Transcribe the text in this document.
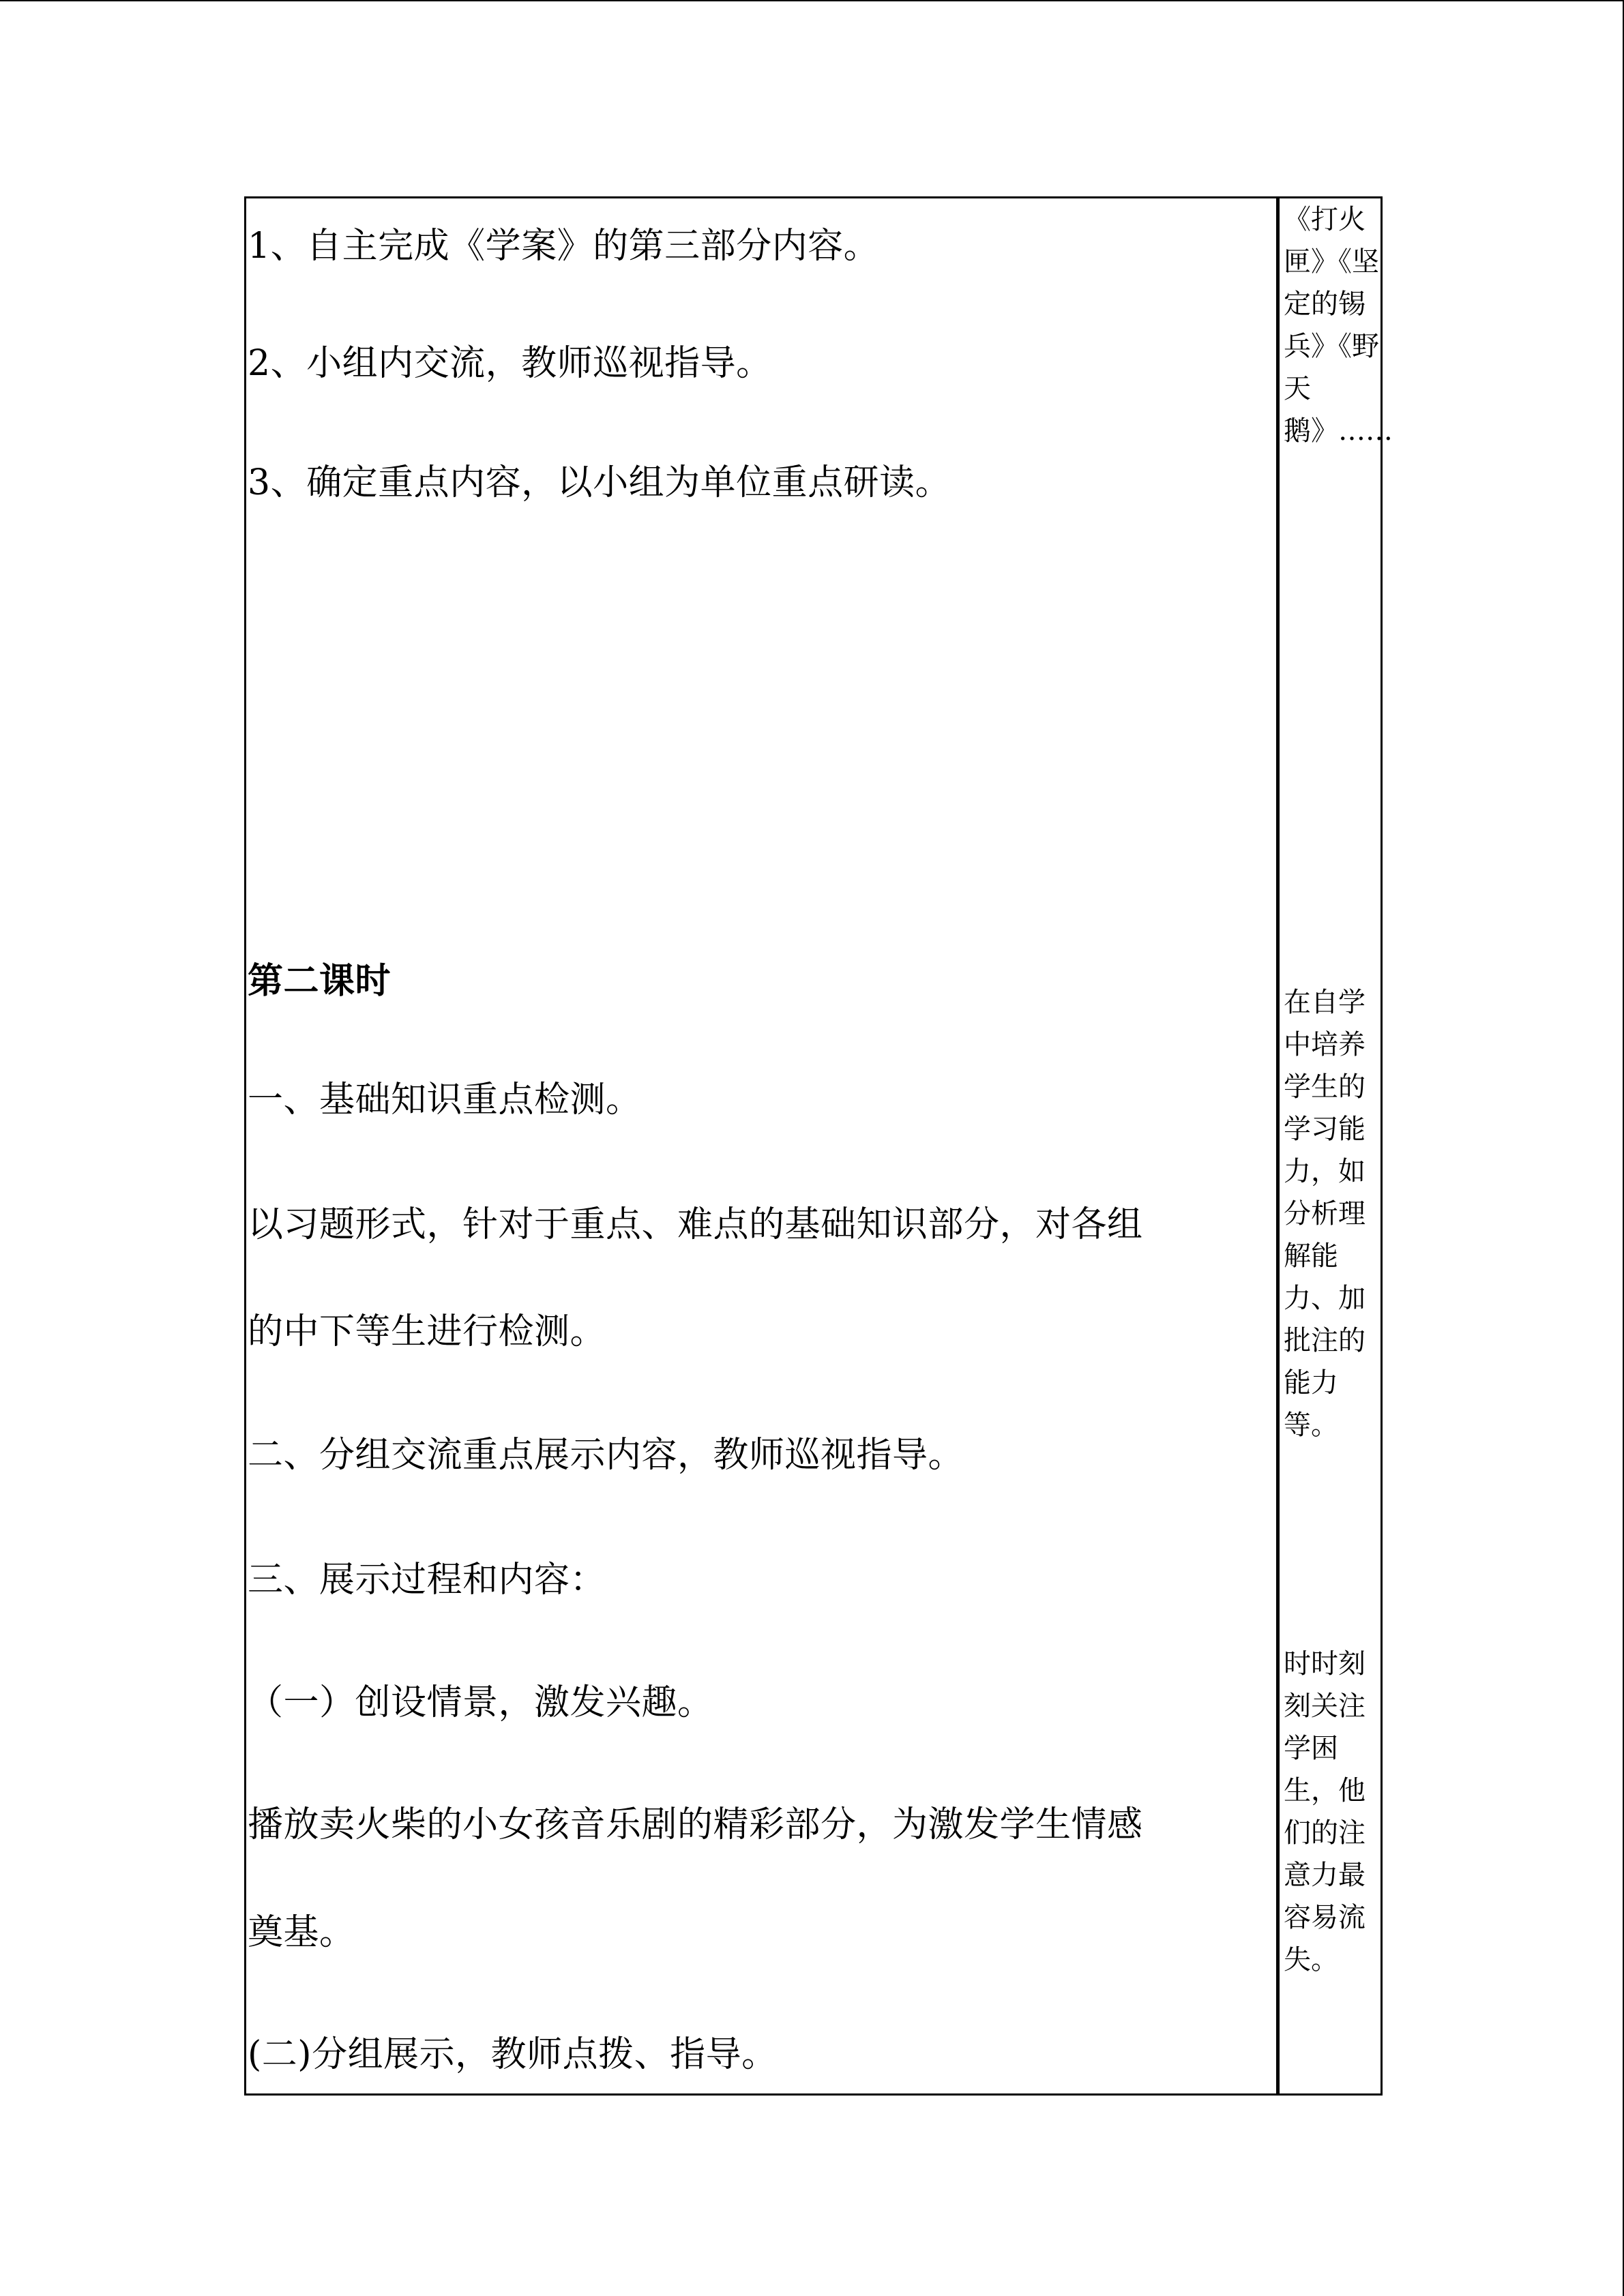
1、自主完成《学案》的第三部分内容。
2、小组内交流，教师巡视指导。
3、确定重点内容，以小组为单位重点研读。
第二课时
一、基础知识重点检测。
以习题形式，针对于重点、难点的基础知识部分，对各组
的中下等生进行检测。
二、分组交流重点展示内容，教师巡视指导。
三、展示过程和内容：
（一）创设情景，激发兴趣。
播放卖火柴的小女孩音乐剧的精彩部分，为激发学生情感
奠基。
(二)分组展示，教师点拨、指导。
《打火匣》《坚定的锡兵》《野天鹅》……
在自学中培养学生的学习能力，如分析理解能力、加批注的能力等。
时时刻刻关注学困生，他们的注意力最容易流失。
